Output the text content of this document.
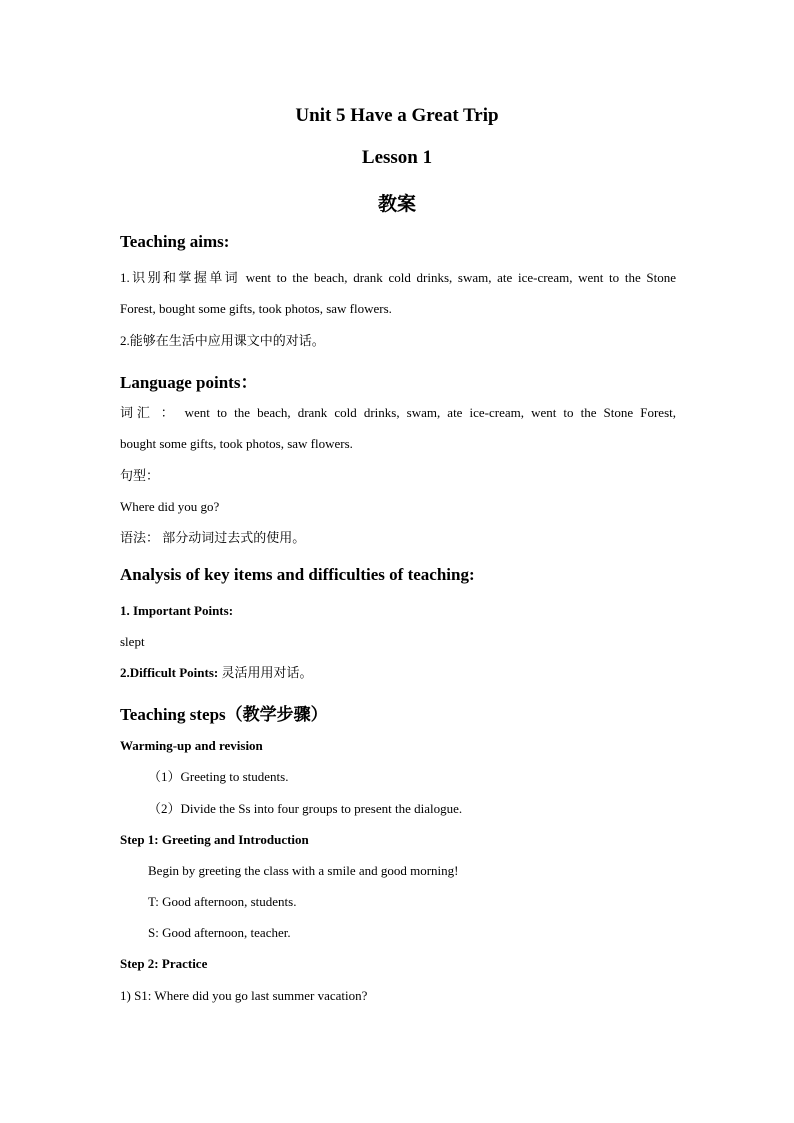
Unit 5 Have a Great Trip
Lesson 1
教案
Teaching aims:
1.识别和掌握单词 went to the beach, drank cold drinks, swam, ate ice-cream, went to the Stone
Forest, bought some gifts, took photos, saw flowers.
2.能够在生活中应用课文中的对话。
Language points：
词汇 ： went to the beach, drank cold drinks, swam, ate ice-cream, went to the Stone Forest,
bought some gifts, took photos, saw flowers.
句型：
Where did you go?
语法： 部分动词过去式的使用。
Analysis of key items and difficulties of teaching:
1. Important Points:
slept
2.Difficult Points: 灵活用用对话。
Teaching steps（教学步骤）
Warming-up and revision
（1）Greeting to students.
（2）Divide the Ss into four groups to present the dialogue.
Step 1: Greeting and Introduction
Begin by greeting the class with a smile and good morning!
T: Good afternoon, students.
S: Good afternoon, teacher.
Step 2: Practice
1) S1: Where did you go last summer vacation?
